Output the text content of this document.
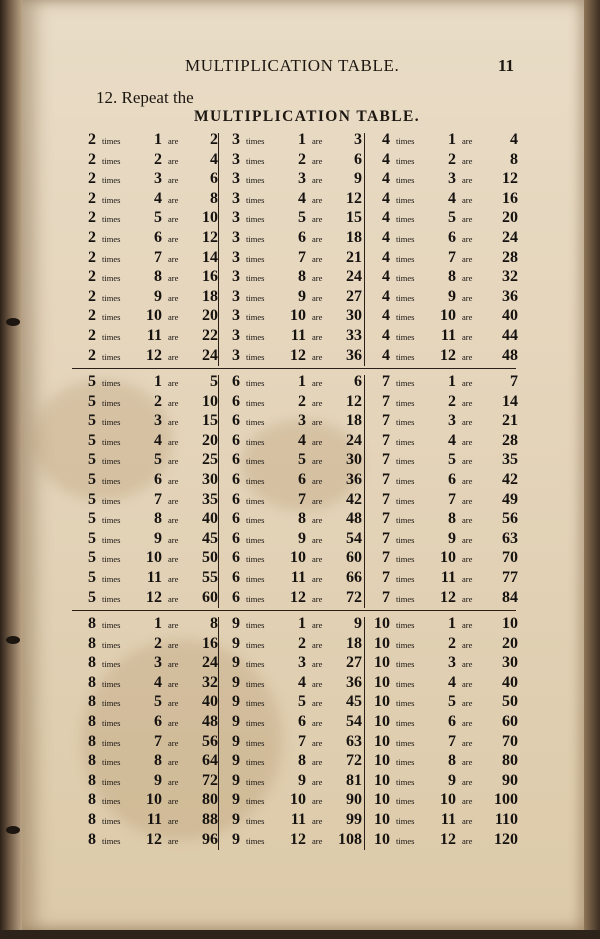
MULTIPLICATION TABLE.	11
12. Repeat the
MULTIPLICATION TABLE.
2 times	1 are	2
2 times	2 are	4
2 times	3 are	6
2 times	4 are	8
2 times	5 are	10
2 times	6 are	12
2 times	7 are	14
2 times	8 are	16
2 times	9 are	18
2 times	10 are	20
2 times	11 are	22
2 times	12 are	24
3 times	1 are	3
3 times	2 are	6
3 times	3 are	9
3 times	4 are	12
3 times	5 are	15
3 times	6 are	18
3 times	7 are	21
3 times	8 are	24
3 times	9 are	27
3 times	10 are	30
3 times	11 are	33
3 times	12 are	36
4 times	1 are	4
4 times	2 are	8
4 times	3 are	12
4 times	4 are	16
4 times	5 are	20
4 times	6 are	24
4 times	7 are	28
4 times	8 are	32
4 times	9 are	36
4 times	10 are	40
4 times	11 are	44
4 times	12 are	48
5 times	1 are	5
5 times	2 are	10
5 times	3 are	15
5 times	4 are	20
5 times	5 are	25
5 times	6 are	30
5 times	7 are	35
5 times	8 are	40
5 times	9 are	45
5 times	10 are	50
5 times	11 are	55
5 times	12 are	60
6 times	1 are	6
6 times	2 are	12
6 times	3 are	18
6 times	4 are	24
6 times	5 are	30
6 times	6 are	36
6 times	7 are	42
6 times	8 are	48
6 times	9 are	54
6 times	10 are	60
6 times	11 are	66
6 times	12 are	72
7 times	1 are	7
7 times	2 are	14
7 times	3 are	21
7 times	4 are	28
7 times	5 are	35
7 times	6 are	42
7 times	7 are	49
7 times	8 are	56
7 times	9 are	63
7 times	10 are	70
7 times	11 are	77
7 times	12 are	84
8 times	1 are	8
8 times	2 are	16
8 times	3 are	24
8 times	4 are	32
8 times	5 are	40
8 times	6 are	48
8 times	7 are	56
8 times	8 are	64
8 times	9 are	72
8 times	10 are	80
8 times	11 are	88
8 times	12 are	96
9 times	1 are	9
9 times	2 are	18
9 times	3 are	27
9 times	4 are	36
9 times	5 are	45
9 times	6 are	54
9 times	7 are	63
9 times	8 are	72
9 times	9 are	81
9 times	10 are	90
9 times	11 are	99
9 times	12 are 108
10 times	1 are	10
10 times	2 are	20
10 times	3 are	30
10 times	4 are	40
10 times	5 are	50
10 times	6 are	60
10 times	7 are	70
10 times	8 are	80
10 times	9 are	90
10 times	10 are	100
10 times	11 are	110
10 times	12 are	120
